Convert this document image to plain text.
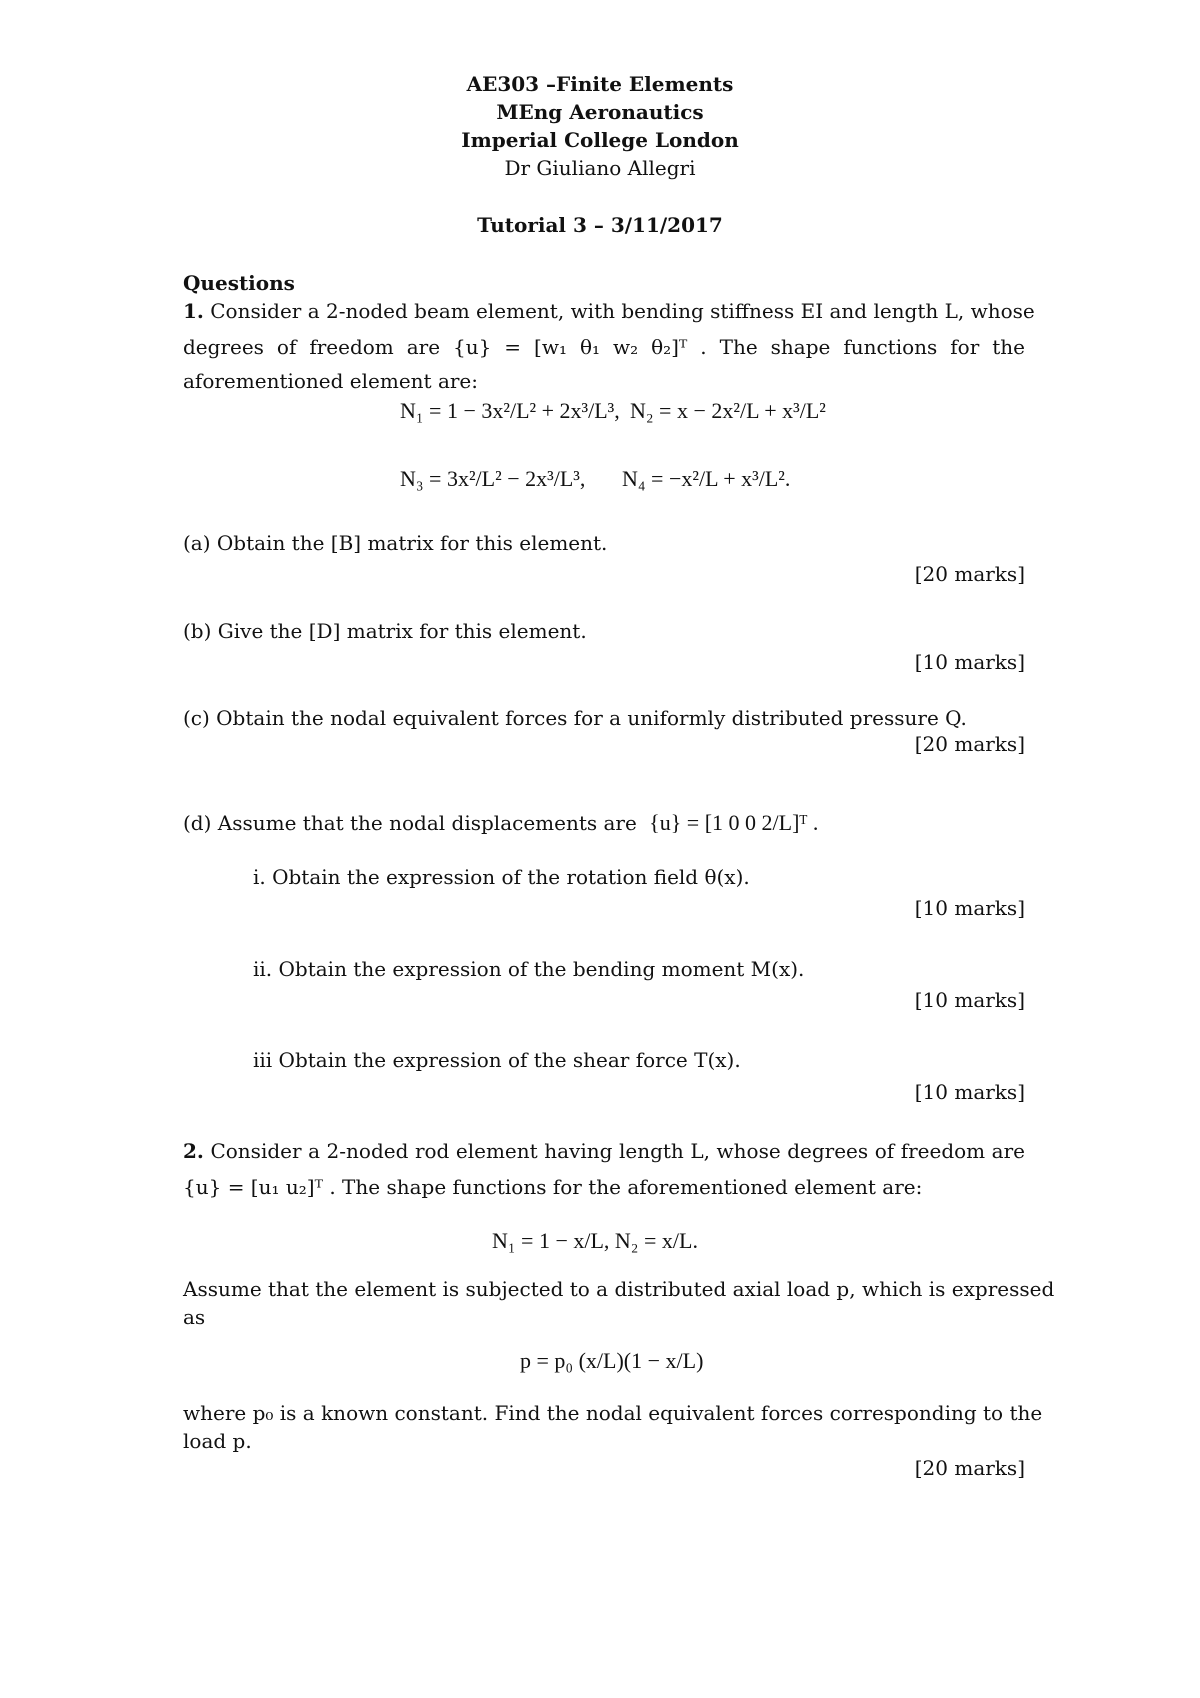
AE303 –Finite Elements
MEng Aeronautics
Imperial College London
Dr Giuliano Allegri
Tutorial 3 – 3/11/2017
Questions
1. Consider a 2-noded beam element, with bending stiffness EI and length L, whose
degrees of freedom are {u} = [w₁ θ₁ w₂ θ₂]ᵀ . The shape functions for the
aforementioned element are:
N₁ = 1 − 3x²/L² + 2x³/L³, N₂ = x − 2x²/L + x³/L²
N₃ = 3x²/L² − 2x³/L³, N₄ = −x²/L + x³/L².
(a) Obtain the [B] matrix for this element.
[20 marks]
(b) Give the [D] matrix for this element.
[10 marks]
(c) Obtain the nodal equivalent forces for a uniformly distributed pressure Q.
[20 marks]
(d) Assume that the nodal displacements are {u} = [1 0 0 2/L]ᵀ .
i. Obtain the expression of the rotation field θ(x).
[10 marks]
ii. Obtain the expression of the bending moment M(x).
[10 marks]
iii Obtain the expression of the shear force T(x).
[10 marks]
2. Consider a 2-noded rod element having length L, whose degrees of freedom are
{u} = [u₁ u₂]ᵀ . The shape functions for the aforementioned element are:
N₁ = 1 − x/L, N₂ = x/L.
Assume that the element is subjected to a distributed axial load p, which is expressed
as
p = p₀ (x/L)(1 − x/L)
where p₀ is a known constant. Find the nodal equivalent forces corresponding to the
load p.
[20 marks]
